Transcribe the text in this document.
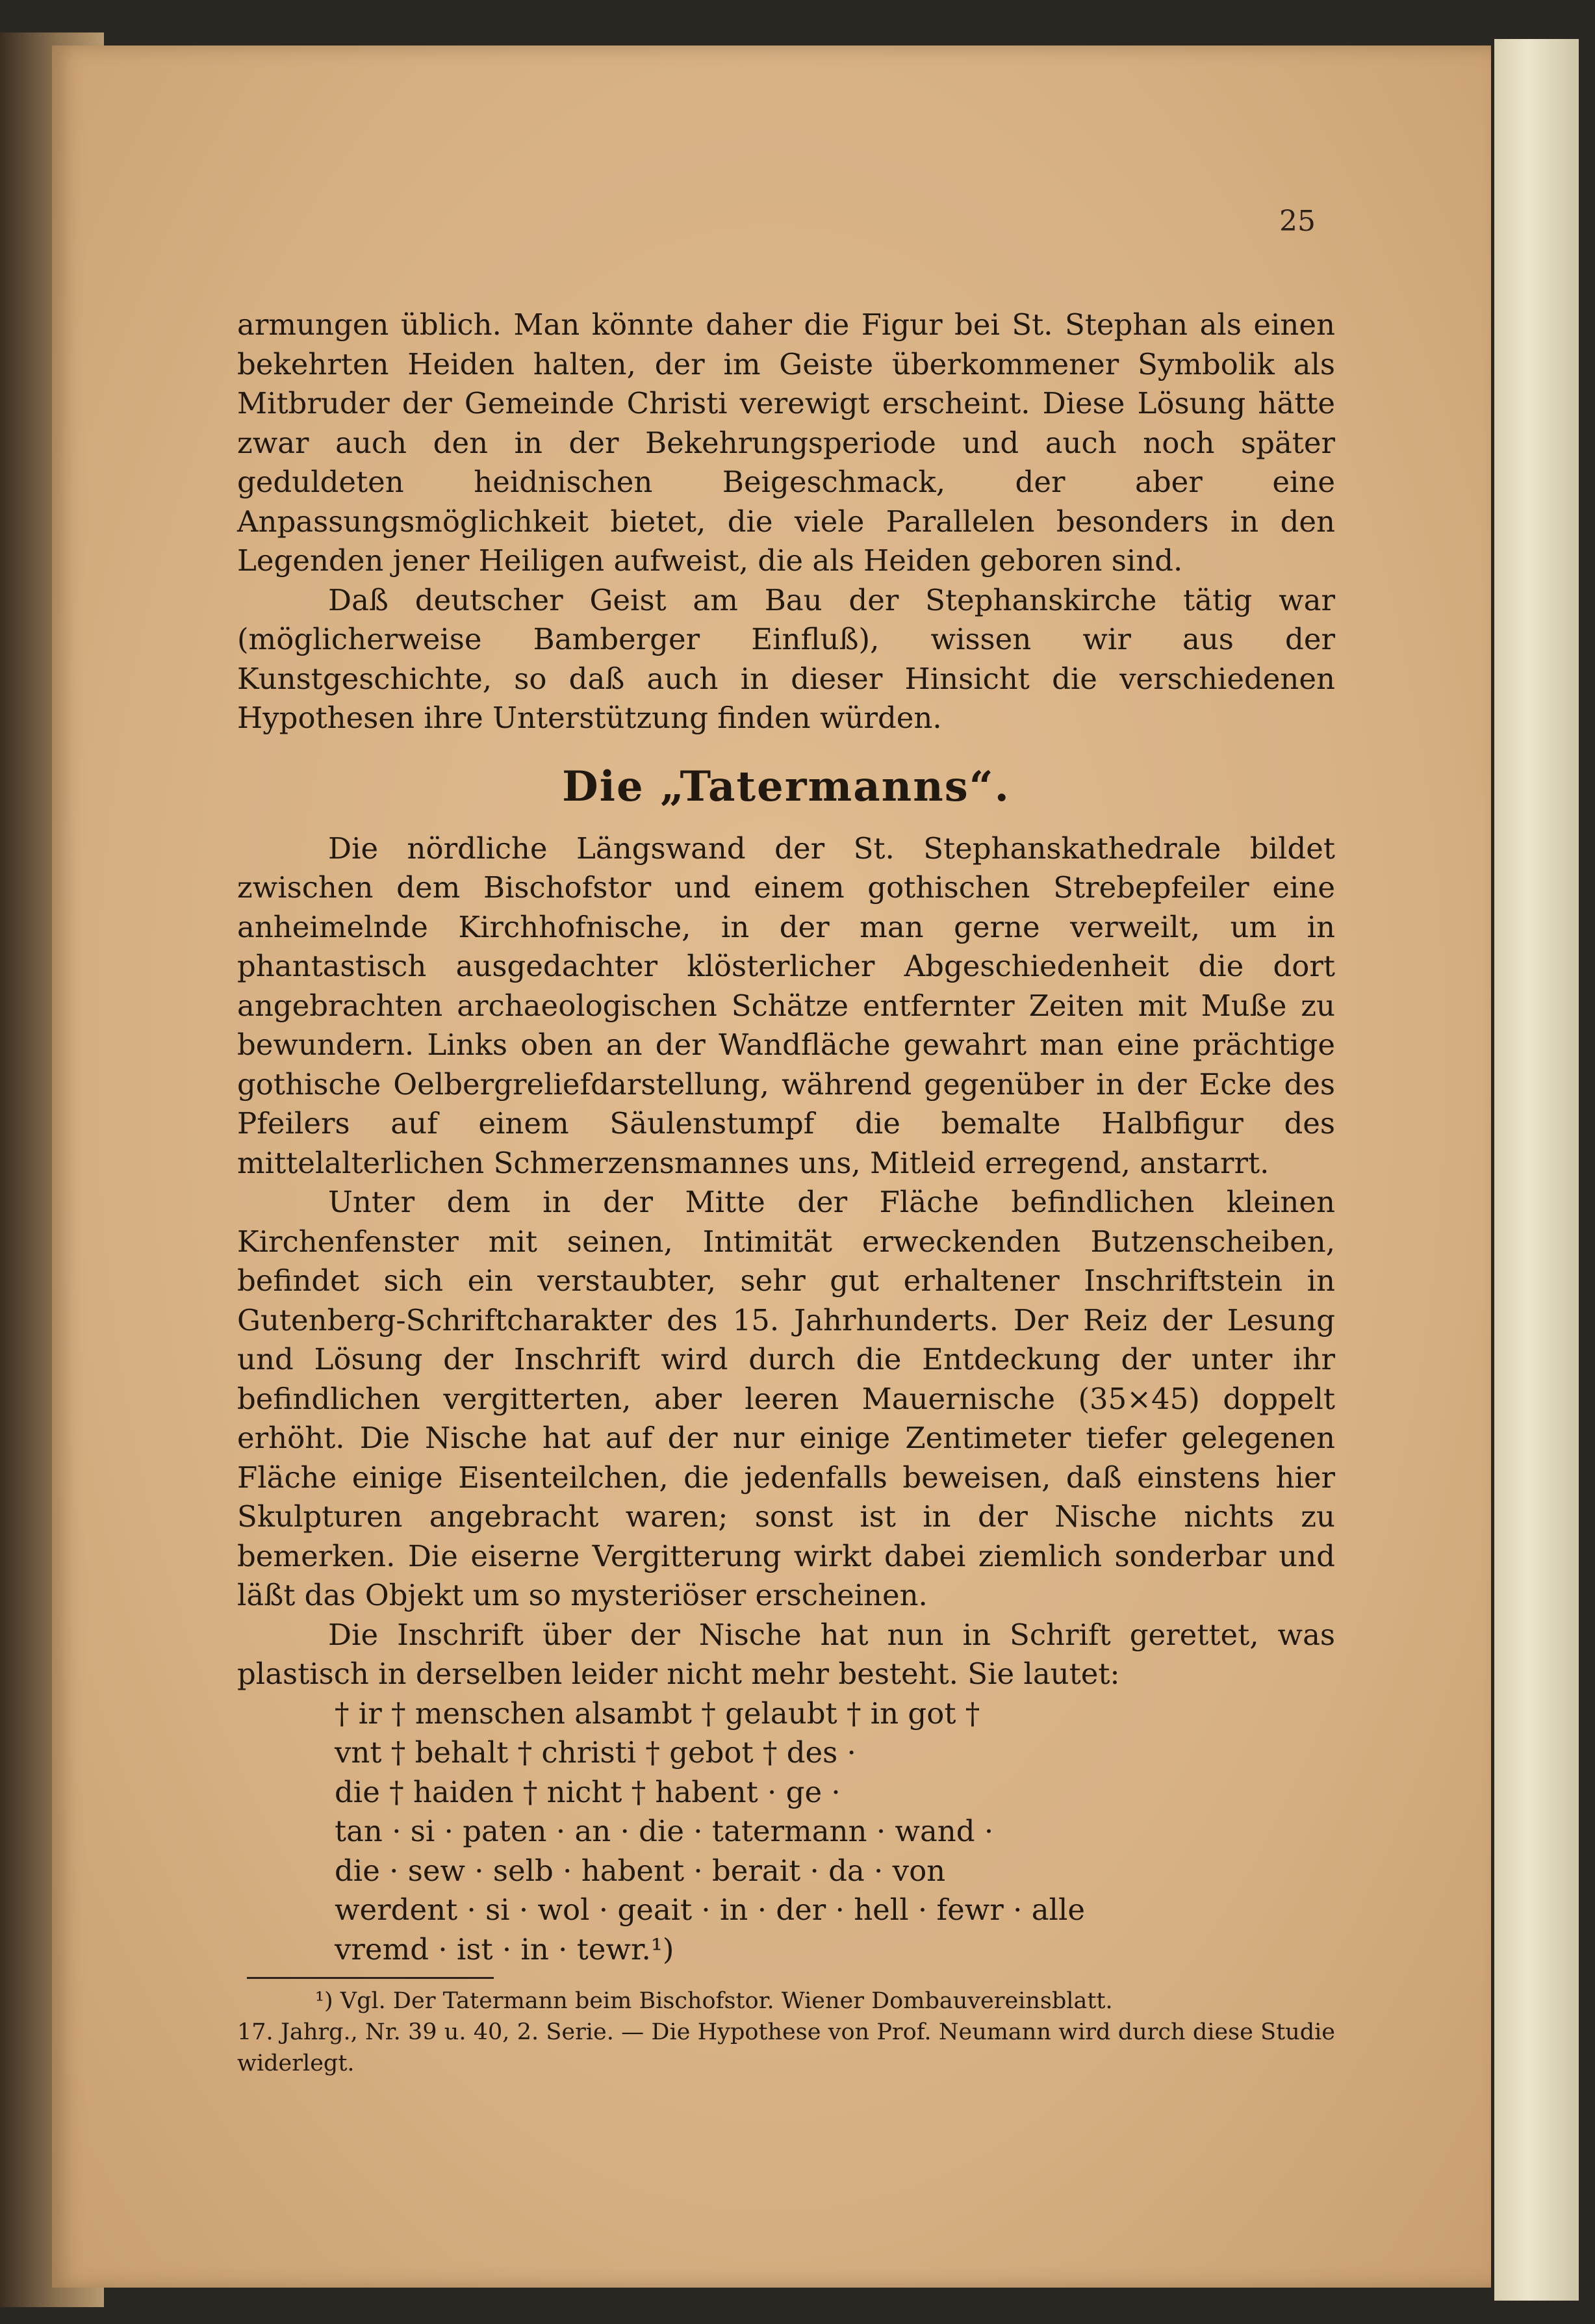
25

armungen üblich. Man könnte daher die Figur bei St. Stephan als einen bekehrten Heiden halten, der im Geiste überkommener Symbolik als Mitbruder der Gemeinde Christi verewigt erscheint. Diese Lösung hätte zwar auch den in der Bekehrungsperiode und auch noch später geduldeten heidnischen Beigeschmack, der aber eine Anpassungsmöglichkeit bietet, die viele Parallelen besonders in den Legenden jener Heiligen aufweist, die als Heiden geboren sind.

Daß deutscher Geist am Bau der Stephanskirche tätig war (möglicherweise Bamberger Einfluß), wissen wir aus der Kunstgeschichte, so daß auch in dieser Hinsicht die verschiedenen Hypothesen ihre Unterstützung finden würden.

Die „Tatermanns“.

Die nördliche Längswand der St. Stephanskathedrale bildet zwischen dem Bischofstor und einem gothischen Strebepfeiler eine anheimelnde Kirchhofnische, in der man gerne verweilt, um in phantastisch ausgedachter klösterlicher Abgeschiedenheit die dort angebrachten archaeologischen Schätze entfernter Zeiten mit Muße zu bewundern. Links oben an der Wandfläche gewahrt man eine prächtige gothische Oelbergreliefdarstellung, während gegenüber in der Ecke des Pfeilers auf einem Säulenstumpf die bemalte Halbfigur des mittelalterlichen Schmerzensmannes uns, Mitleid erregend, anstarrt.

Unter dem in der Mitte der Fläche befindlichen kleinen Kirchenfenster mit seinen, Intimität erweckenden Butzenscheiben, befindet sich ein verstaubter, sehr gut erhaltener Inschriftstein in Gutenberg-Schriftcharakter des 15. Jahrhunderts. Der Reiz der Lesung und Lösung der Inschrift wird durch die Entdeckung der unter ihr befindlichen vergitterten, aber leeren Mauernische (35×45) doppelt erhöht. Die Nische hat auf der nur einige Zentimeter tiefer gelegenen Fläche einige Eisenteilchen, die jedenfalls beweisen, daß einstens hier Skulpturen angebracht waren; sonst ist in der Nische nichts zu bemerken. Die eiserne Vergitterung wirkt dabei ziemlich sonderbar und läßt das Objekt um so mysteriöser erscheinen.

Die Inschrift über der Nische hat nun in Schrift gerettet, was plastisch in derselben leider nicht mehr besteht. Sie lautet:

† ir † menschen alsambt † gelaubt † in got †
vnt † behalt † christi † gebot † des ·
die † haiden † nicht † habent · ge ·
tan · si · paten · an · die · tatermann · wand ·
die · sew · selb · habent · berait · da · von
werdent · si · wol · geait · in · der · hell · fewr · alle
vremd · ist · in · tewr.¹)
¹) Vgl. Der Tatermann beim Bischofstor. Wiener Dombauvereinsblatt.
17. Jahrg., Nr. 39 u. 40, 2. Serie. — Die Hypothese von Prof. Neumann wird durch diese Studie widerlegt.
